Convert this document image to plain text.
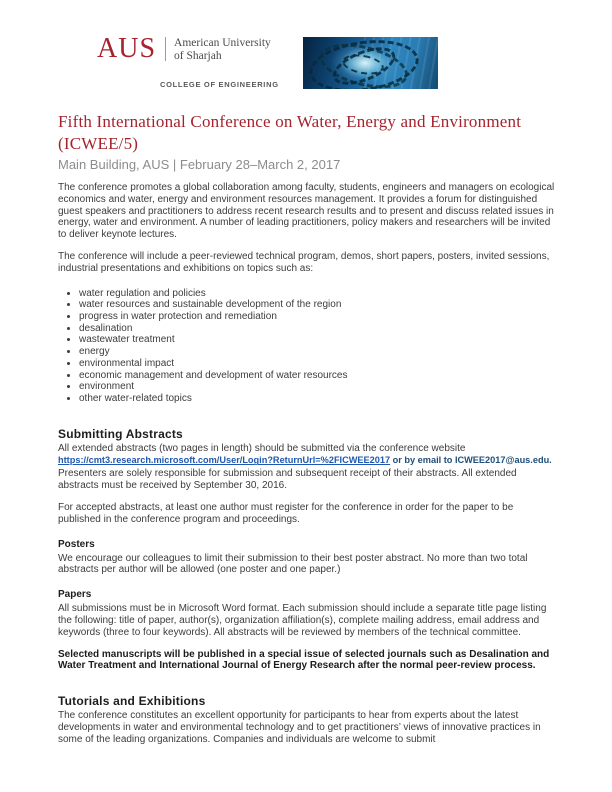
AUS American University
of Sharjah
COLLEGE OF ENGINEERING
Fifth International Conference on Water, Energy and Environment
(ICWEE/5)
Main Building, AUS | February 28–March 2, 2017

The conference promotes a global collaboration among faculty, students, engineers and managers on ecological economics and water, energy and environment resources management. It provides a forum for distinguished guest speakers and practitioners to address recent research results and to present and discuss related issues in energy, water and environment. A number of leading practitioners, policy makers and researchers will be invited to deliver keynote lectures.

The conference will include a peer-reviewed technical program, demos, short papers, posters, invited sessions, industrial presentations and exhibitions on topics such as:

• water regulation and policies
• water resources and sustainable development of the region
• progress in water protection and remediation
• desalination
• wastewater treatment
• energy
• environmental impact
• economic management and development of water resources
• environment
• other water-related topics
Submitting Abstracts

All extended abstracts (two pages in length) should be submitted via the conference website

https://cmt3.research.microsoft.com/User/Login?ReturnUrl=%2FICWEE2017 or by email to ICWEE2017@aus.edu.

Presenters are solely responsible for submission and subsequent receipt of their abstracts. All extended abstracts must be received by September 30, 2016.

For accepted abstracts, at least one author must register for the conference in order for the paper to be published in the conference program and proceedings.

Posters

We encourage our colleagues to limit their submission to their best poster abstract. No more than two total abstracts per author will be allowed (one poster and one paper.)

Papers

All submissions must be in Microsoft Word format. Each submission should include a separate title page listing the following: title of paper, author(s), organization affiliation(s), complete mailing address, email address and keywords (three to four keywords). All abstracts will be reviewed by members of the technical committee.

Selected manuscripts will be published in a special issue of selected journals such as Desalination and Water Treatment and International Journal of Energy Research after the normal peer-review process.

Tutorials and Exhibitions

The conference constitutes an excellent opportunity for participants to hear from experts about the latest developments in water and environmental technology and to get practitioners’ views of innovative practices in some of the leading organizations. Companies and individuals are welcome to submit
